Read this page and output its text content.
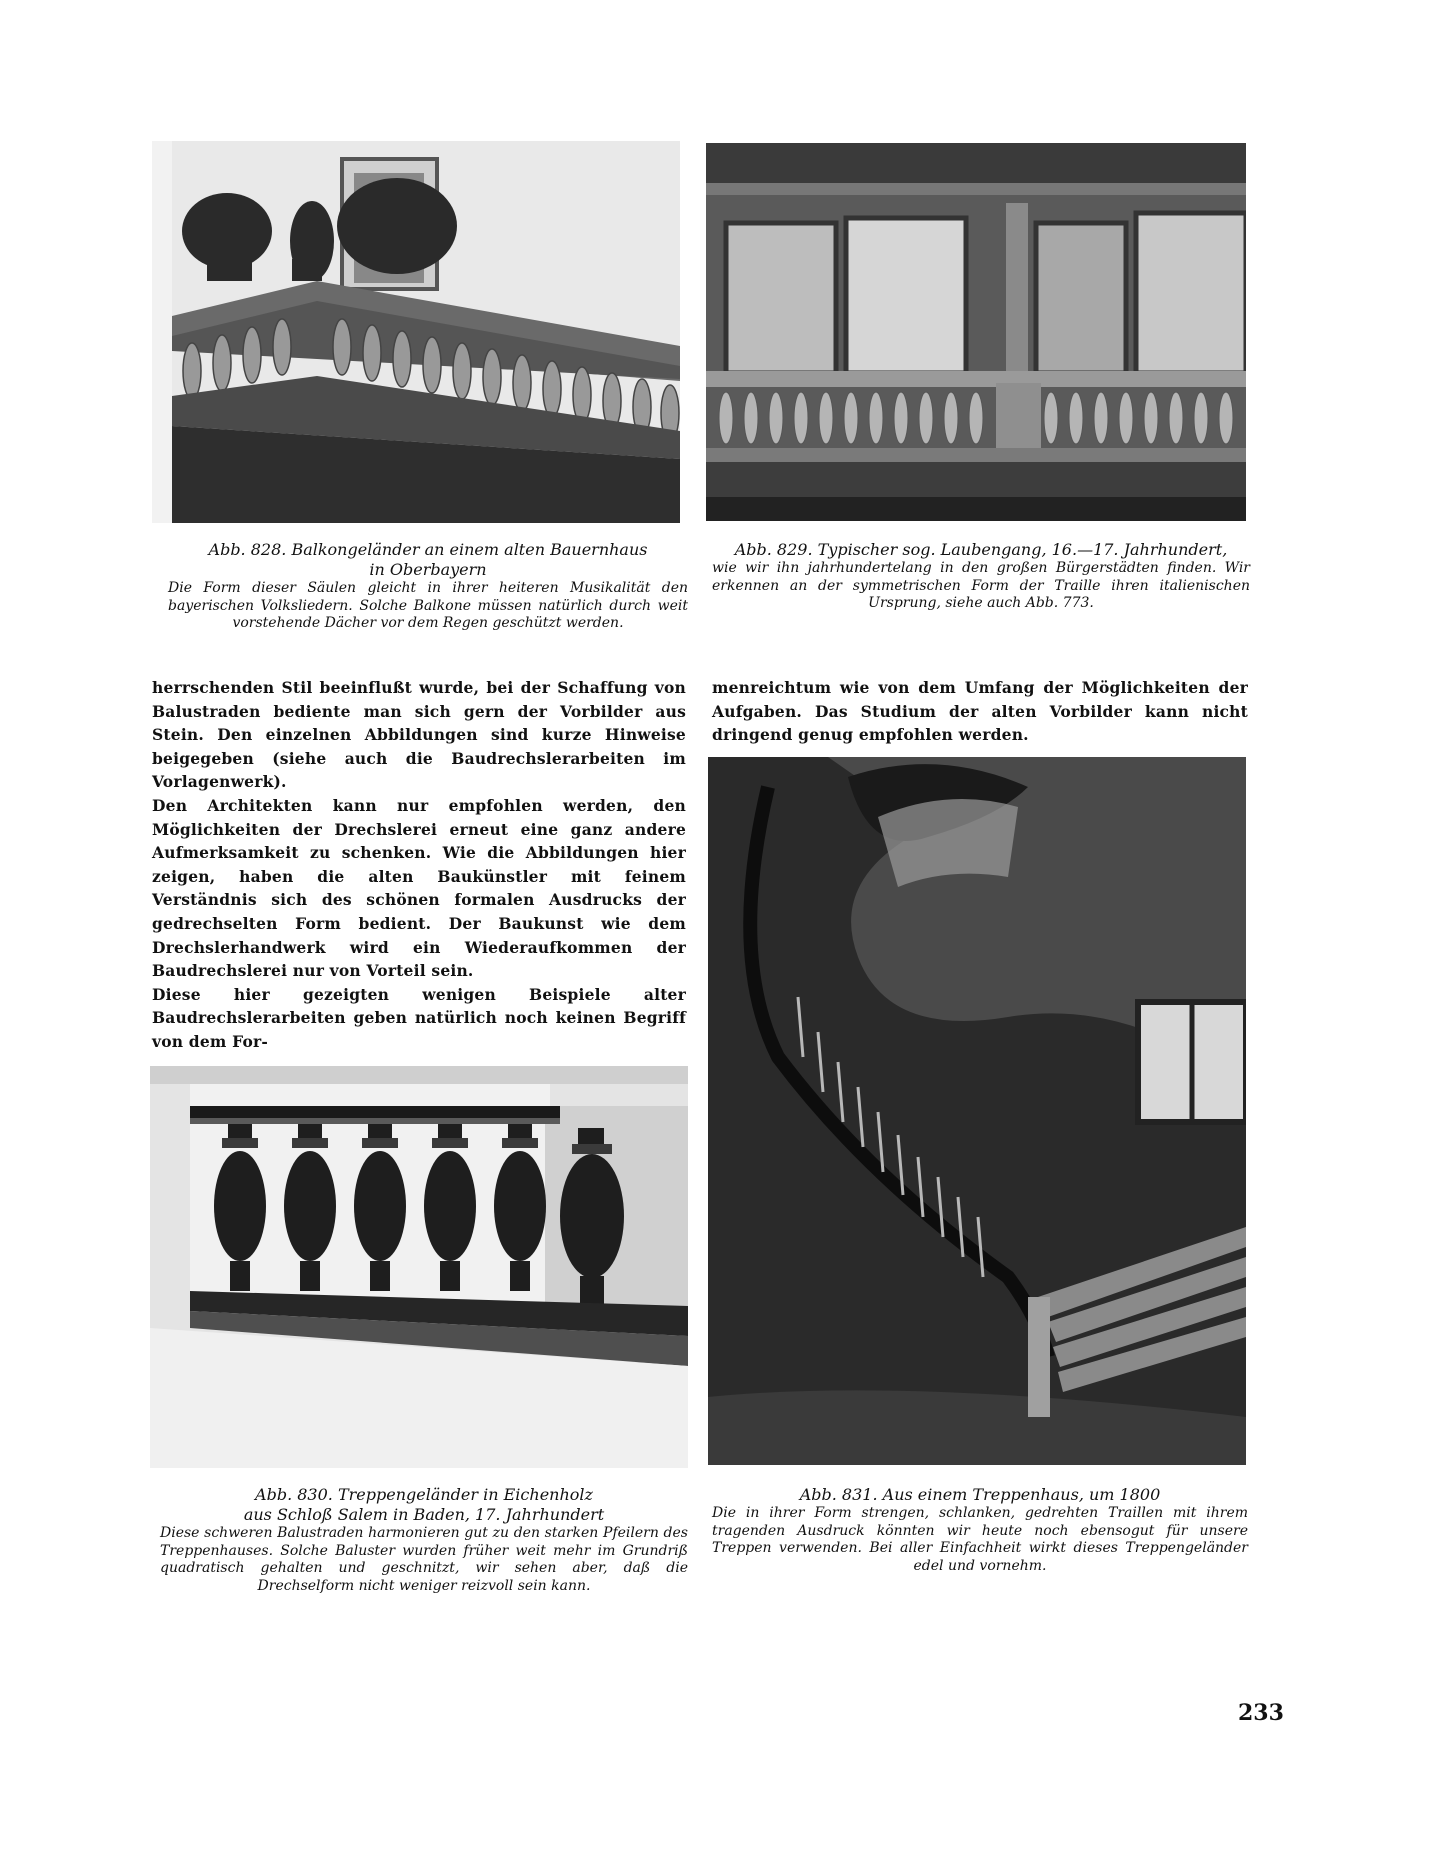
Abb. 828. Balkongeländer an einem alten Bauernhaus
in Oberbayern
Die Form dieser Säulen gleicht in ihrer heiteren Musikalität den bayerischen Volksliedern. Solche Balkone müssen natürlich durch weit vorstehende Dächer vor dem Regen geschützt werden.
Abb. 829. Typischer sog. Laubengang, 16.—17. Jahrhundert,
wie wir ihn jahrhundertelang in den großen Bürgerstädten finden. Wir erkennen an der symmetrischen Form der Traille ihren italienischen Ursprung, siehe auch Abb. 773.

herrschenden Stil beeinflußt wurde, bei der Schaffung von Balustraden bediente man sich gern der Vorbilder aus Stein. Den einzelnen Abbildungen sind kurze Hinweise beigegeben (siehe auch die Baudrechslerarbeiten im Vorlagenwerk).

Den Architekten kann nur empfohlen werden, den Möglichkeiten der Drechslerei erneut eine ganz andere Aufmerksamkeit zu schenken. Wie die Abbildungen hier zeigen, haben die alten Baukünstler mit feinem Verständnis sich des schönen formalen Ausdrucks der gedrechselten Form bedient. Der Baukunst wie dem Drechslerhandwerk wird ein Wiederaufkommen der Baudrechslerei nur von Vorteil sein.

Diese hier gezeigten wenigen Beispiele alter Baudrechslerarbeiten geben natürlich noch keinen Begriff von dem For-

menreichtum wie von dem Umfang der Möglichkeiten der Aufgaben. Das Studium der alten Vorbilder kann nicht dringend genug empfohlen werden.

Abb. 830. Treppengeländer in Eichenholz
aus Schloß Salem in Baden, 17. Jahrhundert
Diese schweren Balustraden harmonieren gut zu den starken Pfeilern des Treppenhauses. Solche Baluster wurden früher weit mehr im Grundriß quadratisch gehalten und geschnitzt, wir sehen aber, daß die Drechselform nicht weniger reizvoll sein kann.
Abb. 831. Aus einem Treppenhaus, um 1800
Die in ihrer Form strengen, schlanken, gedrehten Traillen mit ihrem tragenden Ausdruck könnten wir heute noch ebensogut für unsere Treppen verwenden. Bei aller Einfachheit wirkt dieses Treppengeländer edel und vornehm.
233
